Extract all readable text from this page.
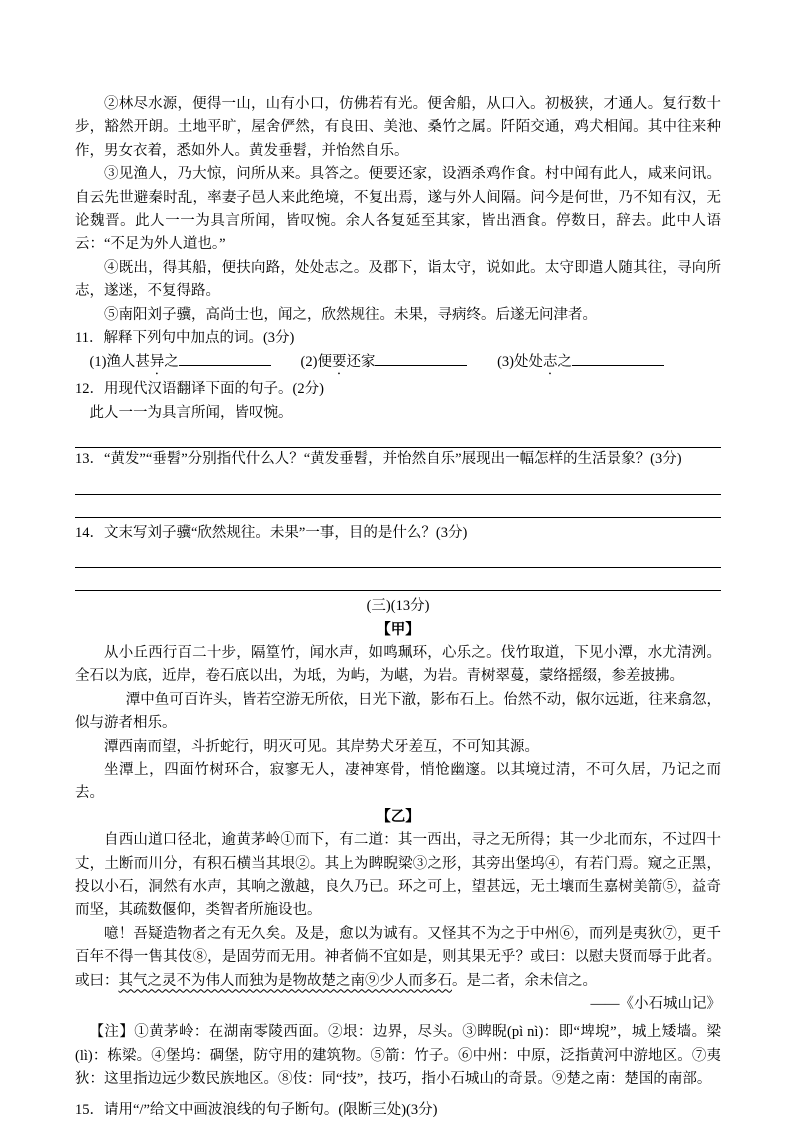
②林尽水源，便得一山，山有小口，仿佛若有光。便舍船，从口入。初极狭，才通人。复行数十步，豁然开朗。土地平旷，屋舍俨然，有良田、美池、桑竹之属。阡陌交通，鸡犬相闻。其中往来种作，男女衣着，悉如外人。黄发垂髫，并怡然自乐。

③见渔人，乃大惊，问所从来。具答之。便要还家，设酒杀鸡作食。村中闻有此人，咸来问讯。自云先世避秦时乱，率妻子邑人来此绝境，不复出焉，遂与外人间隔。问今是何世，乃不知有汉，无论魏晋。此人一一为具言所闻，皆叹惋。余人各复延至其家，皆出酒食。停数日，辞去。此中人语云：“不足为外人道也。”

④既出，得其船，便扶向路，处处志之。及郡下，诣太守，说如此。太守即遣人随其往，寻向所志，遂迷，不复得路。

⑤南阳刘子骥，高尚士也，闻之，欣然规往。未果，寻病终。后遂无问津者。

11．解释下列句中加点的词。(3分)

(1)渔人甚异之	(2)便要还家	(3)处处志之

12．用现代汉语翻译下面的句子。(2分)

此人一一为具言所闻，皆叹惋。

13．“黄发”“垂髫”分别指代什么人？“黄发垂髫，并怡然自乐”展现出一幅怎样的生活景象？(3分)

14．文末写刘子骥“欣然规往。未果”一事，目的是什么？(3分)

(三)(13分)

【甲】

从小丘西行百二十步，隔篁竹，闻水声，如鸣珮环，心乐之。伐竹取道，下见小潭，水尤清洌。全石以为底，近岸，卷石底以出，为坻，为屿，为嵁，为岩。青树翠蔓，蒙络摇缀，参差披拂。

潭中鱼可百许头，皆若空游无所依，日光下澈，影布石上。佁然不动，俶尔远逝，往来翕忽，似与游者相乐。

潭西南而望，斗折蛇行，明灭可见。其岸势犬牙差互，不可知其源。

坐潭上，四面竹树环合，寂寥无人，凄神寒骨，悄怆幽邃。以其境过清，不可久居，乃记之而去。

【乙】

自西山道口径北，逾黄茅岭①而下，有二道：其一西出，寻之无所得；其一少北而东，不过四十丈，土断而川分，有积石横当其垠②。其上为睥睨梁③之形，其旁出堡坞④，有若门焉。窥之正黑，投以小石，洞然有水声，其响之激越，良久乃已。环之可上，望甚远，无土壤而生嘉树美箭⑤，益奇而坚，其疏数偃仰，类智者所施设也。

噫！吾疑造物者之有无久矣。及是，愈以为诚有。又怪其不为之于中州⑥，而列是夷狄⑦，更千百年不得一售其伎⑧，是固劳而无用。神者倘不宜如是，则其果无乎？或曰：以慰夫贤而辱于此者。或曰：其气之灵不为伟人而独为是物故楚之南⑨少人而多石。是二者，余未信之。

——《小石城山记》

【注】①黄茅岭：在湖南零陵西面。②垠：边界，尽头。③睥睨(pì nì)：即“埤堄”，城上矮墙。梁(lì)：栋梁。④堡坞：碉堡，防守用的建筑物。⑤箭：竹子。⑥中州：中原，泛指黄河中游地区。⑦夷狄：这里指边远少数民族地区。⑧伎：同“技”，技巧，指小石城山的奇景。⑨楚之南：楚国的南部。

15．请用“/”给文中画波浪线的句子断句。(限断三处)(3分)
